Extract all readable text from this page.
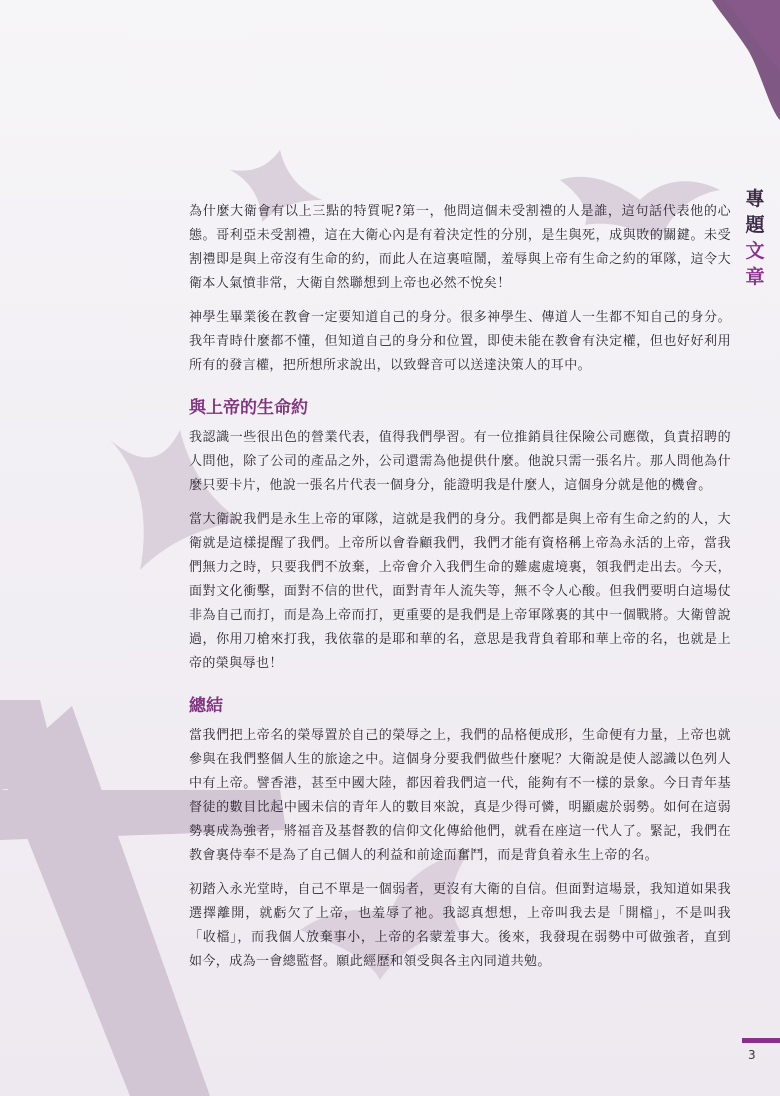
專題
文章

為什麼大衛會有以上三點的特質呢?第一，他問這個未受割禮的人是誰，這句話代表他的心態。哥利亞未受割禮，這在大衛心內是有着決定性的分別，是生與死，成與敗的關鍵。未受割禮即是與上帝沒有生命的約，而此人在這裏喧鬧，羞辱與上帝有生命之約的軍隊，這令大衛本人氣憤非常，大衛自然聯想到上帝也必然不悅矣！

神學生畢業後在教會一定要知道自己的身分。很多神學生、傳道人一生都不知自己的身分。我年青時什麼都不懂，但知道自己的身分和位置，即使未能在教會有決定權，但也好好利用所有的發言權，把所想所求說出，以致聲音可以送達決策人的耳中。

與上帝的生命約

我認識一些很出色的營業代表，值得我們學習。有一位推銷員往保險公司應徵，負責招聘的人問他，除了公司的產品之外，公司還需為他提供什麼。他說只需一張名片。那人問他為什麼只要卡片，他說一張名片代表一個身分，能證明我是什麼人，這個身分就是他的機會。

當大衛說我們是永生上帝的軍隊，這就是我們的身分。我們都是與上帝有生命之約的人，大衛就是這樣提醒了我們。上帝所以會眷顧我們，我們才能有資格稱上帝為永活的上帝，當我們無力之時，只要我們不放棄，上帝會介入我們生命的難處處境裏，領我們走出去。今天，面對文化衝擊，面對不信的世代，面對青年人流失等，無不令人心酸。但我們要明白這場仗非為自己而打，而是為上帝而打，更重要的是我們是上帝軍隊裏的其中一個戰將。大衛曾說過，你用刀槍來打我，我依靠的是耶和華的名，意思是我背負着耶和華上帝的名，也就是上帝的榮與辱也！

總結

當我們把上帝名的榮辱置於自己的榮辱之上，我們的品格便成形，生命便有力量，上帝也就參與在我們整個人生的旅途之中。這個身分要我們做些什麼呢？大衛說是使人認識以色列人中有上帝。譬香港，甚至中國大陸，都因着我們這一代，能夠有不一樣的景象。今日青年基督徒的數目比起中國未信的青年人的數目來說，真是少得可憐，明顯處於弱勢。如何在這弱勢裏成為強者，將福音及基督教的信仰文化傳給他們，就看在座這一代人了。緊記，我們在教會裏侍奉不是為了自己個人的利益和前途而奮鬥，而是背負着永生上帝的名。

初踏入永光堂時，自己不單是一個弱者，更沒有大衛的自信。但面對這場景，我知道如果我選擇離開，就虧欠了上帝，也羞辱了祂。我認真想想，上帝叫我去是「開檔」，不是叫我「收檔」，而我個人放棄事小，上帝的名蒙羞事大。後來，我發現在弱勢中可做強者，直到如今，成為一會總監督。願此經歷和領受與各主內同道共勉。

3
